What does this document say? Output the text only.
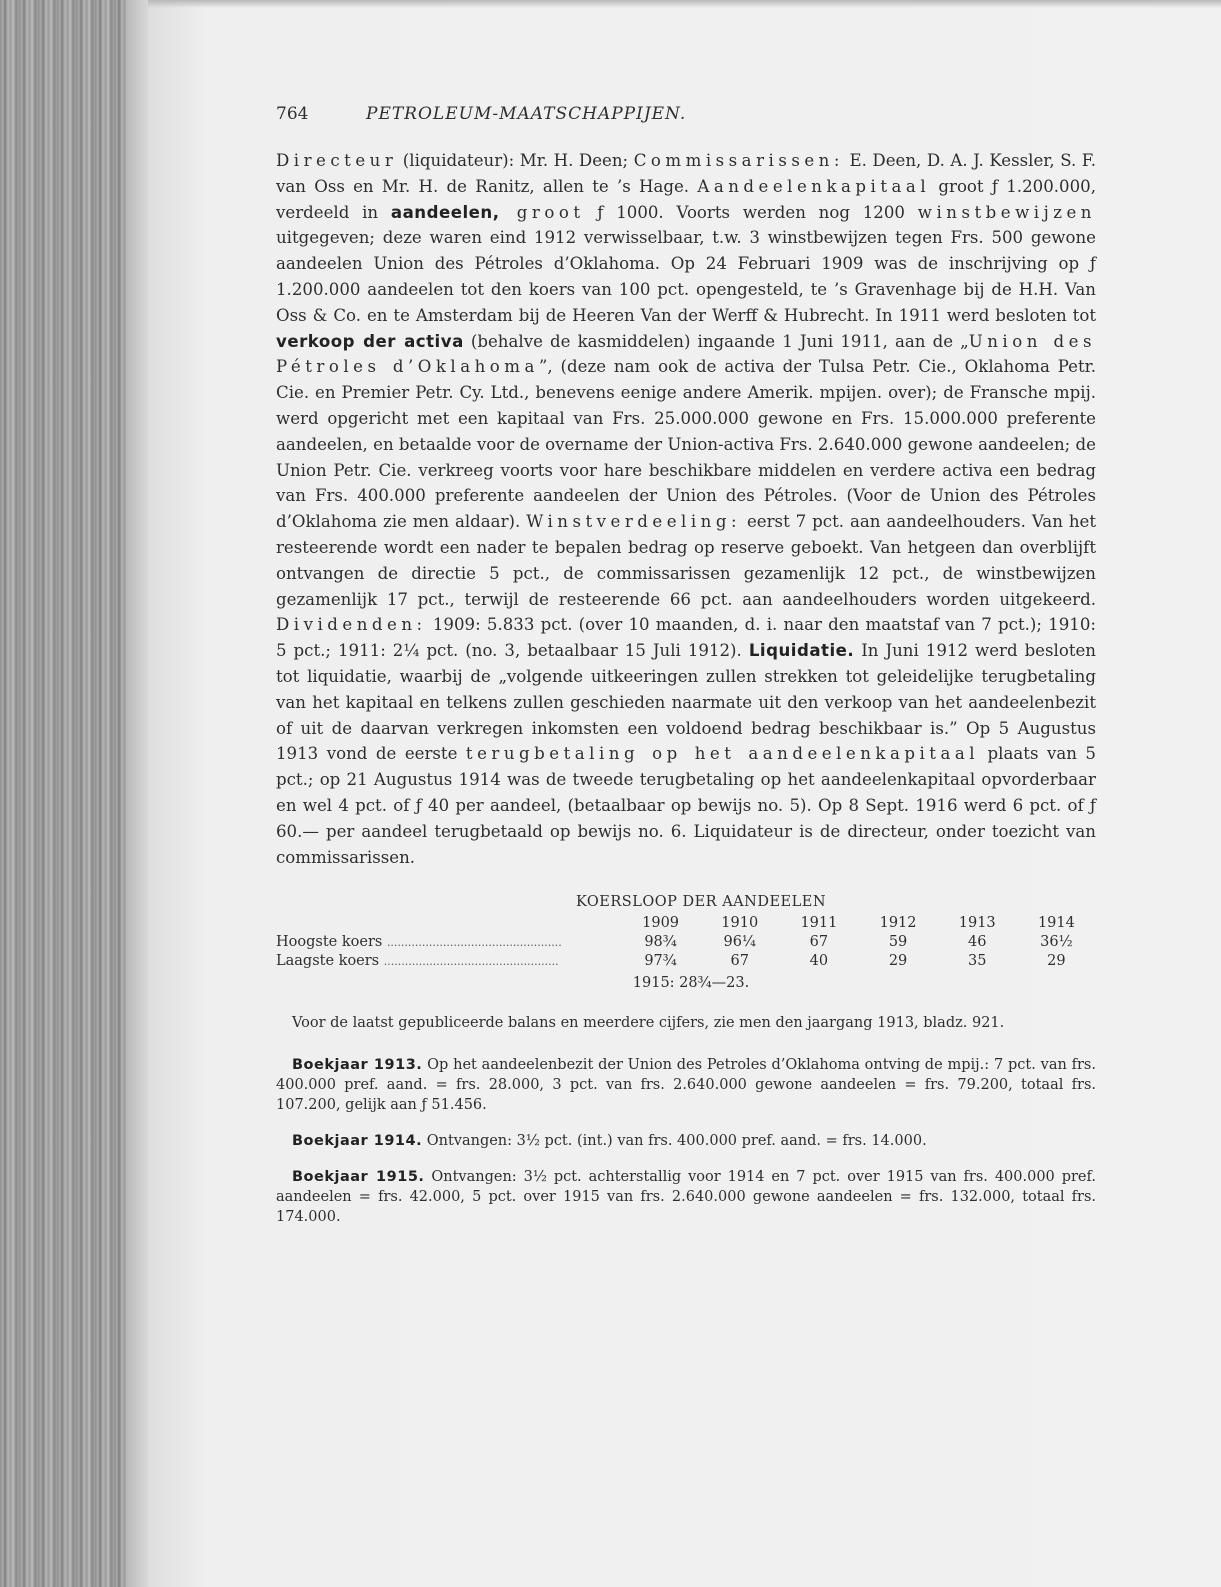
764	PETROLEUM-MAATSCHAPPIJEN.

Directeur (liquidateur): Mr. H. Deen; Commissarissen: E. Deen, D. A. J. Kessler, S. F. van Oss en Mr. H. de Ranitz, allen te ’s Hage. Aandeelenkapitaal groot ƒ 1.200.000, verdeeld in aandeelen, groot ƒ 1000. Voorts werden nog 1200 winstbewijzen uitgegeven; deze waren eind 1912 verwisselbaar, t.w. 3 winstbewijzen tegen Frs. 500 gewone aandeelen Union des Pétroles d’Oklahoma. Op 24 Februari 1909 was de inschrijving op ƒ 1.200.000 aandeelen tot den koers van 100 pct. opengesteld, te ’s Gravenhage bij de H.H. Van Oss & Co. en te Amsterdam bij de Heeren Van der Werff & Hubrecht. In 1911 werd besloten tot verkoop der activa (behalve de kasmiddelen) ingaande 1 Juni 1911, aan de „Union des Pétroles d’Oklahoma”, (deze nam ook de activa der Tulsa Petr. Cie., Oklahoma Petr. Cie. en Premier Petr. Cy. Ltd., benevens eenige andere Amerik. mpijen. over); de Fransche mpij. werd opgericht met een kapitaal van Frs. 25.000.000 gewone en Frs. 15.000.000 preferente aandeelen, en betaalde voor de overname der Union-activa Frs. 2.640.000 gewone aandeelen; de Union Petr. Cie. verkreeg voorts voor hare beschikbare middelen en verdere activa een bedrag van Frs. 400.000 preferente aandeelen der Union des Pétroles. (Voor de Union des Pétroles d’Oklahoma zie men aldaar). Winstverdeeling: eerst 7 pct. aan aandeelhouders. Van het resteerende wordt een nader te bepalen bedrag op reserve geboekt. Van hetgeen dan overblijft ontvangen de directie 5 pct., de commissarissen gezamenlijk 12 pct., de winstbewijzen gezamenlijk 17 pct., terwijl de resteerende 66 pct. aan aandeelhouders worden uitgekeerd. Dividenden: 1909: 5.833 pct. (over 10 maanden, d. i. naar den maatstaf van 7 pct.); 1910: 5 pct.; 1911: 2¼ pct. (no. 3, betaalbaar 15 Juli 1912). Liquidatie. In Juni 1912 werd besloten tot liquidatie, waarbij de „volgende uitkeeringen zullen strekken tot geleidelijke terugbetaling van het kapitaal en telkens zullen geschieden naarmate uit den verkoop van het aandeelenbezit of uit de daarvan verkregen inkomsten een voldoend bedrag beschikbaar is.” Op 5 Augustus 1913 vond de eerste terugbetaling op het aandeelenkapitaal plaats van 5 pct.; op 21 Augustus 1914 was de tweede terugbetaling op het aandeelenkapitaal opvorderbaar en wel 4 pct. of ƒ 40 per aandeel, (betaalbaar op bewijs no. 5). Op 8 Sept. 1916 werd 6 pct. of ƒ 60.— per aandeel terugbetaald op bewijs no. 6. Liquidateur is de directeur, onder toezicht van commissarissen.

KOERSLOOP DER AANDEELEN
	1909	1910	1911	1912	1913	1914
Hoogste koers ..................................................	98¾	96¼	67	59	46	36½
Laagste koers ..................................................	97¾	67	40	29	35	29
1915: 28¾—23.

Voor de laatst gepubliceerde balans en meerdere cijfers, zie men den jaargang 1913, bladz. 921.

Boekjaar 1913. Op het aandeelenbezit der Union des Petroles d’Oklahoma ontving de mpij.: 7 pct. van frs. 400.000 pref. aand. = frs. 28.000, 3 pct. van frs. 2.640.000 gewone aandeelen = frs. 79.200, totaal frs. 107.200, gelijk aan ƒ 51.456.

Boekjaar 1914. Ontvangen: 3½ pct. (int.) van frs. 400.000 pref. aand. = frs. 14.000.

Boekjaar 1915. Ontvangen: 3½ pct. achterstallig voor 1914 en 7 pct. over 1915 van frs. 400.000 pref. aandeelen = frs. 42.000, 5 pct. over 1915 van frs. 2.640.000 gewone aandeelen = frs. 132.000, totaal frs. 174.000.
